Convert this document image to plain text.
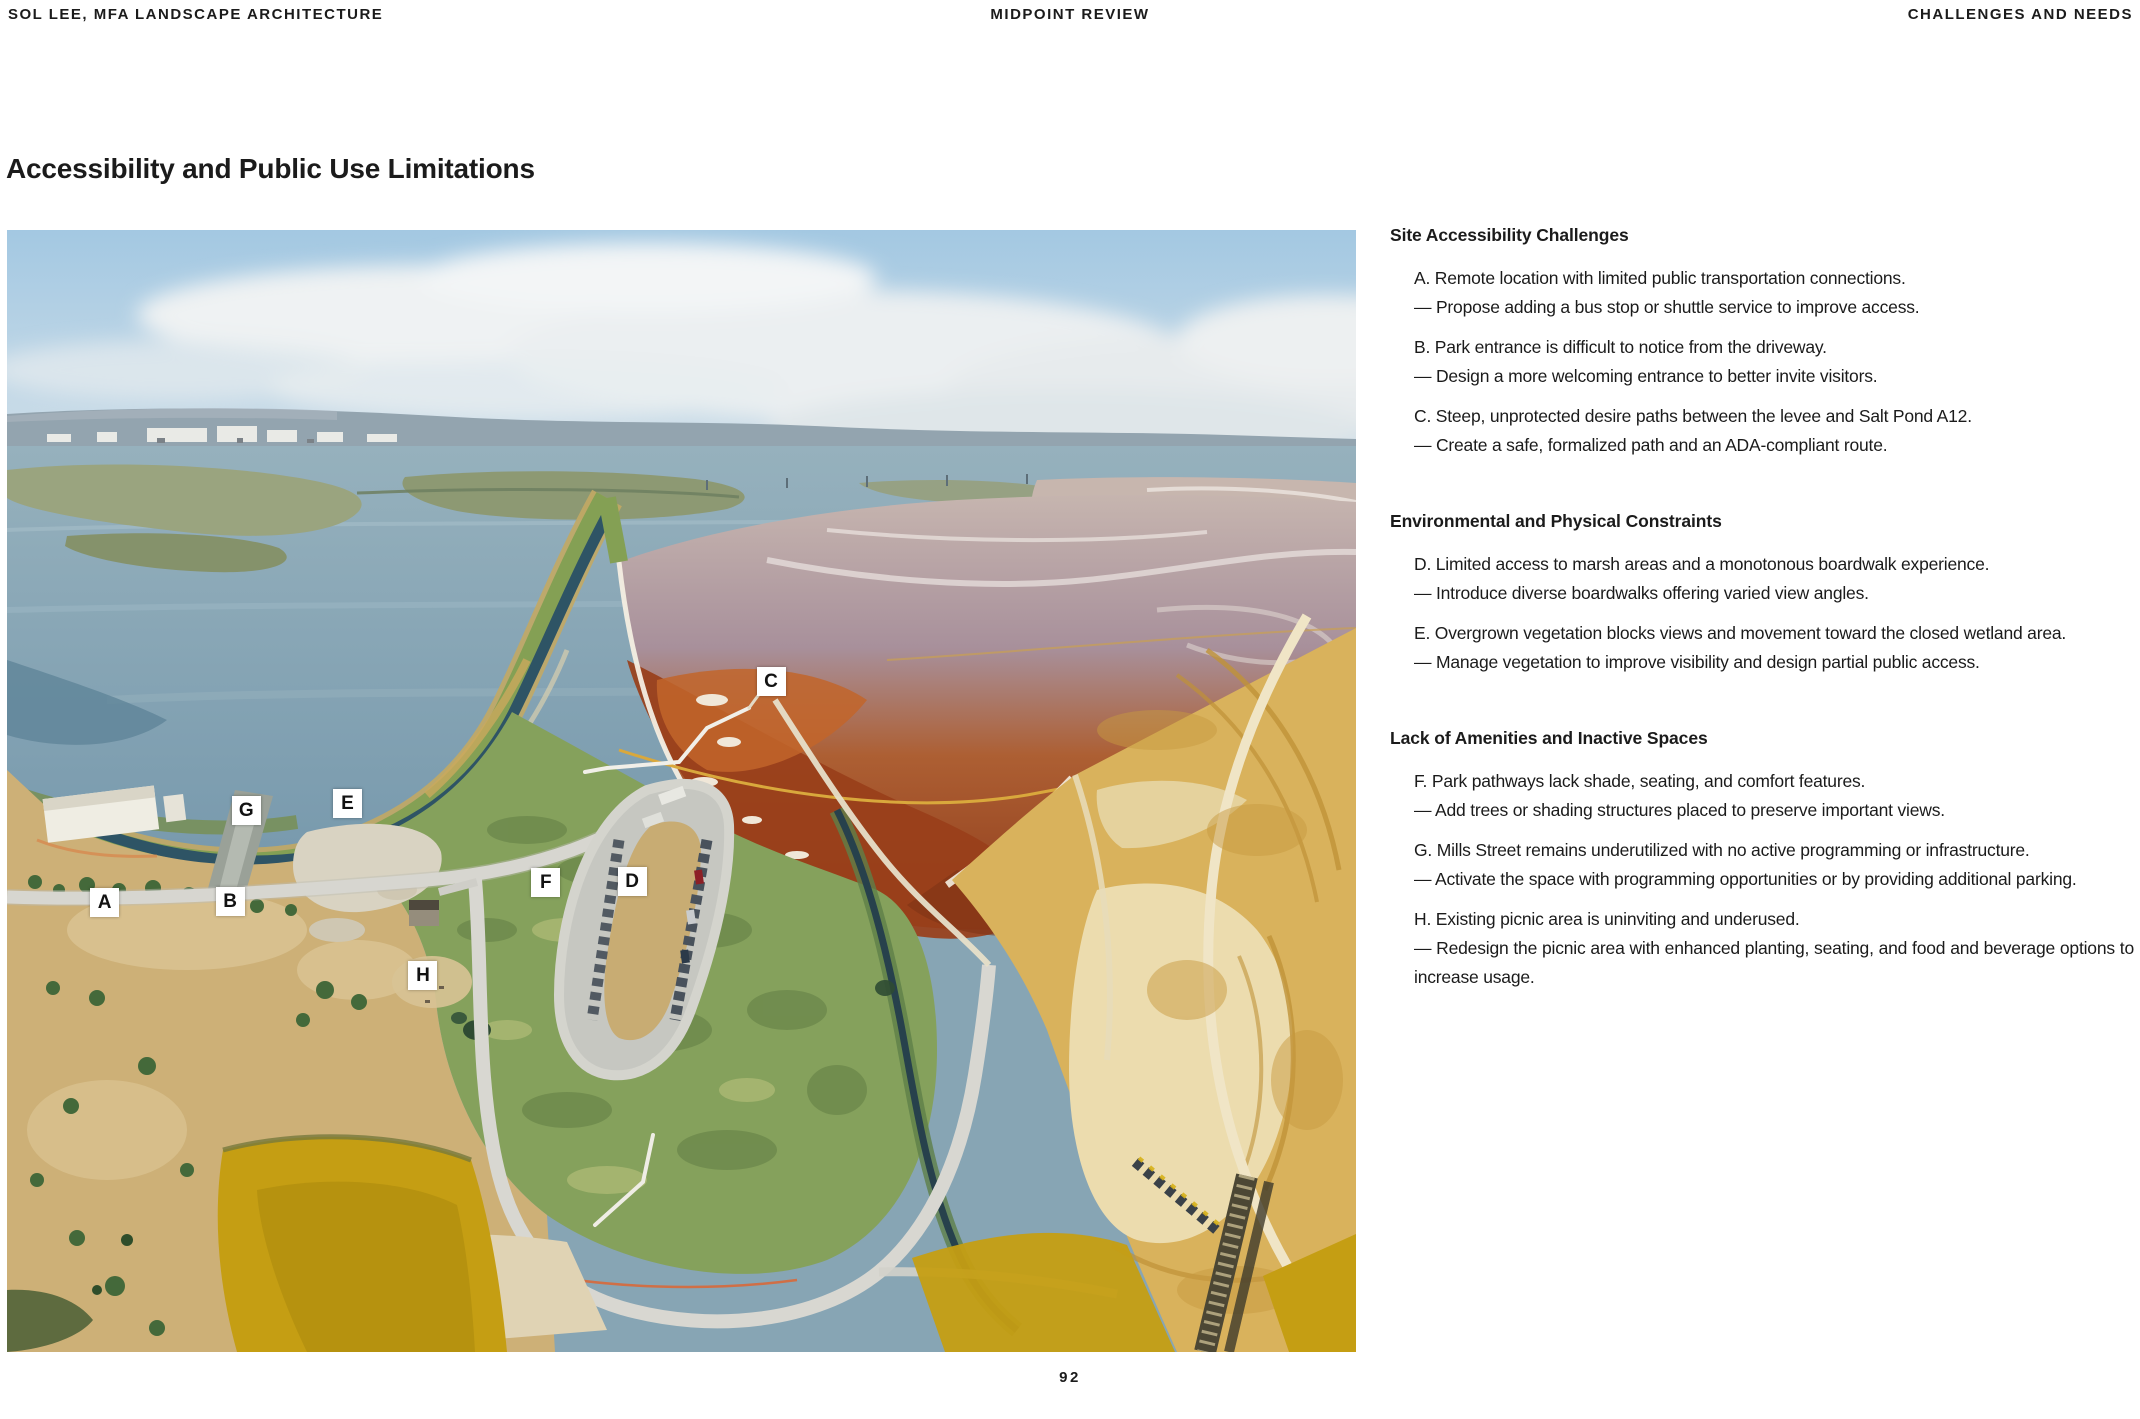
SOL LEE, MFA LANDSCAPE ARCHITECTURE	MIDPOINT REVIEW	CHALLENGES AND NEEDS
Accessibility and Public Use Limitations
A	B
C
D
E
F
G
H
Site Accessibility Challenges

A. Remote location with limited public transportation connections.

— Propose adding a bus stop or shuttle service to improve access.

B. Park entrance is difficult to notice from the driveway.

— Design a more welcoming entrance to better invite visitors.

C. Steep, unprotected desire paths between the levee and Salt Pond A12.

— Create a safe, formalized path and an ADA-compliant route.

Environmental and Physical Constraints

D. Limited access to marsh areas and a monotonous boardwalk experience.

— Introduce diverse boardwalks offering varied view angles.

E. Overgrown vegetation blocks views and movement toward the closed wetland area.

— Manage vegetation to improve visibility and design partial public access.

Lack of Amenities and Inactive Spaces

F. Park pathways lack shade, seating, and comfort features.

— Add trees or shading structures placed to preserve important views.

G. Mills Street remains underutilized with no active programming or infrastructure.

— Activate the space with programming opportunities or by providing additional parking.

H. Existing picnic area is uninviting and underused.

— Redesign the picnic area with enhanced planting, seating, and food and beverage options to increase usage.

92
